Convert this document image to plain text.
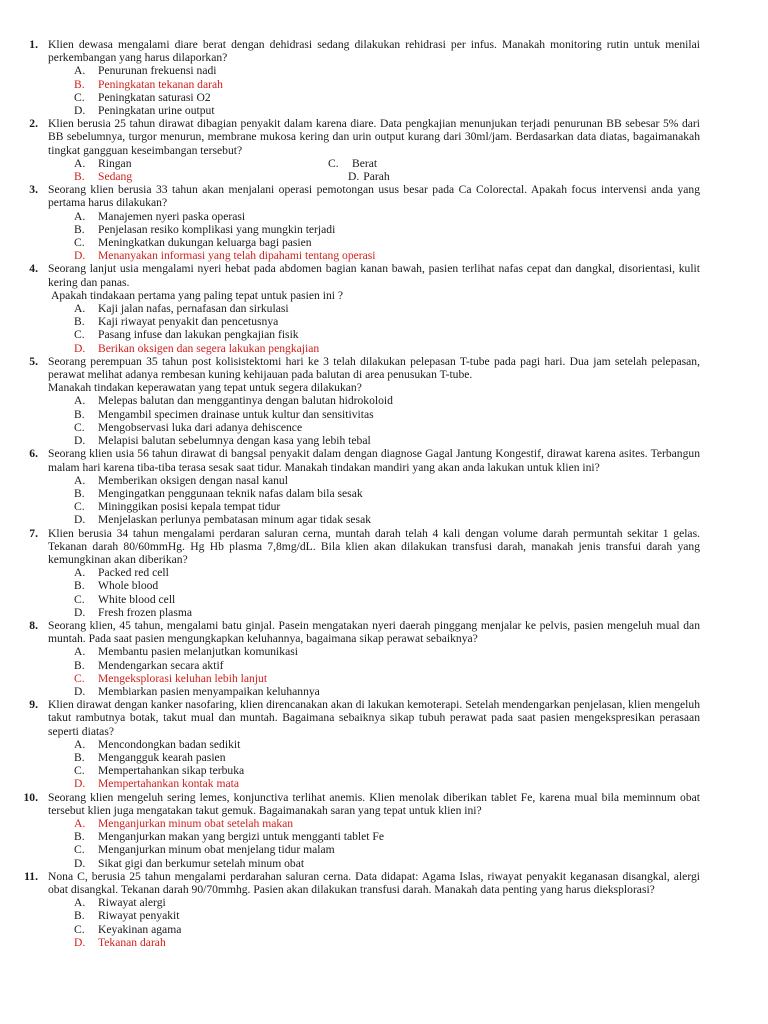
1. Klien dewasa mengalami diare berat dengan dehidrasi sedang dilakukan rehidrasi per infus. Manakah monitoring rutin untuk menilai perkembangan yang harus dilaporkan?
A.	Penurunan frekuensi nadi
B.	Peningkatan tekanan darah
C.	Peningkatan saturasi O2
D.	Peningkatan urine output
2. Klien berusia 25 tahun dirawat dibagian penyakit dalam karena diare. Data pengkajian menunjukan terjadi penurunan BB sebesar 5% dari BB sebelumnya, turgor menurun, membrane mukosa kering dan urin output kurang dari 30ml/jam. Berdasarkan data diatas, bagaimanakah tingkat gangguan keseimbangan tersebut?
A.	Ringan	C.	Berat
B.	Sedang	D. Parah
3. Seorang klien berusia 33 tahun akan menjalani operasi pemotongan usus besar pada Ca Colorectal. Apakah focus intervensi anda yang pertama harus dilakukan?
A.	Manajemen nyeri paska operasi
B.	Penjelasan resiko komplikasi yang mungkin terjadi
C.	Meningkatkan dukungan keluarga bagi pasien
D.	Menanyakan informasi yang telah dipahami tentang operasi
4. Seorang lanjut usia mengalami nyeri hebat pada abdomen bagian kanan bawah, pasien terlihat nafas cepat dan dangkal, disorientasi, kulit kering dan panas.
Apakah tindakaan pertama yang paling tepat untuk pasien ini ?
A.	Kaji jalan nafas, pernafasan dan sirkulasi
B.	Kaji riwayat penyakit dan pencetusnya
C.	Pasang infuse dan lakukan pengkajian fisik
D.	Berikan oksigen dan segera lakukan pengkajian
5. Seorang perempuan 35 tahun post kolisistektomi hari ke 3 telah dilakukan pelepasan T-tube pada pagi hari. Dua jam setelah pelepasan, perawat melihat adanya rembesan kuning kehijauan pada balutan di area penusukan T-tube.
Manakah tindakan keperawatan yang tepat untuk segera dilakukan?
A.	Melepas balutan dan menggantinya dengan balutan hidrokoloid
B.	Mengambil specimen drainase untuk kultur dan sensitivitas
C.	Mengobservasi luka dari adanya dehiscence
D.	Melapisi balutan sebelumnya dengan kasa yang lebih tebal
6. Seorang klien usia 56 tahun dirawat di bangsal penyakit dalam dengan diagnose Gagal Jantung Kongestif, dirawat karena asites. Terbangun malam hari karena tiba-tiba terasa sesak saat tidur. Manakah tindakan mandiri yang akan anda lakukan untuk klien ini?
A.	Memberikan oksigen dengan nasal kanul
B.	Mengingatkan penggunaan teknik nafas dalam bila sesak
C.	Mininggikan posisi kepala tempat tidur
D.	Menjelaskan perlunya pembatasan minum agar tidak sesak
7. Klien berusia 34 tahun mengalami perdaran saluran cerna, muntah darah telah 4 kali dengan volume darah permuntah sekitar 1 gelas. Tekanan darah 80/60mmHg. Hg Hb plasma 7,8mg/dL. Bila klien akan dilakukan transfusi darah, manakah jenis transfui darah yang kemungkinan akan diberikan?
A.	Packed red cell
B.	Whole blood
C.	White blood cell
D.	Fresh frozen plasma
8. Seorang klien, 45 tahun, mengalami batu ginjal. Pasein mengatakan nyeri daerah pinggang menjalar ke pelvis, pasien mengeluh mual dan muntah. Pada saat pasien mengungkapkan keluhannya, bagaimana sikap perawat sebaiknya?
A.	Membantu pasien melanjutkan komunikasi
B.	Mendengarkan secara aktif
C.	Mengeksplorasi keluhan lebih lanjut
D.	Membiarkan pasien menyampaikan keluhannya
9. Klien dirawat dengan kanker nasofaring, klien direncanakan akan di lakukan kemoterapi. Setelah mendengarkan penjelasan, klien mengeluh takut rambutnya botak, takut mual dan muntah. Bagaimana sebaiknya sikap tubuh perawat pada saat pasien mengekspresikan perasaan seperti diatas?
A.	Mencondongkan badan sedikit
B.	Mengangguk kearah pasien
C.	Mempertahankan sikap terbuka
D.	Mempertahankan kontak mata
10. Seorang klien mengeluh sering lemes, konjunctiva terlihat anemis. Klien menolak diberikan tablet Fe, karena mual bila meminnum obat tersebut klien juga mengatakan takut gemuk. Bagaimanakah saran yang tepat untuk klien ini?
A.	Menganjurkan minum obat setelah makan
B.	Menganjurkan makan yang bergizi untuk mengganti tablet Fe
C.	Menganjurkan minum obat menjelang tidur malam
D.	Sikat gigi dan berkumur setelah minum obat
11. Nona C, berusia 25 tahun mengalami perdarahan saluran cerna. Data didapat: Agama Islas, riwayat penyakit keganasan disangkal, alergi obat disangkal. Tekanan darah 90/70mmhg. Pasien akan dilakukan transfusi darah. Manakah data penting yang harus dieksplorasi?
A.	Riwayat alergi
B.	Riwayat penyakit
C.	Keyakinan agama
D.	Tekanan darah
